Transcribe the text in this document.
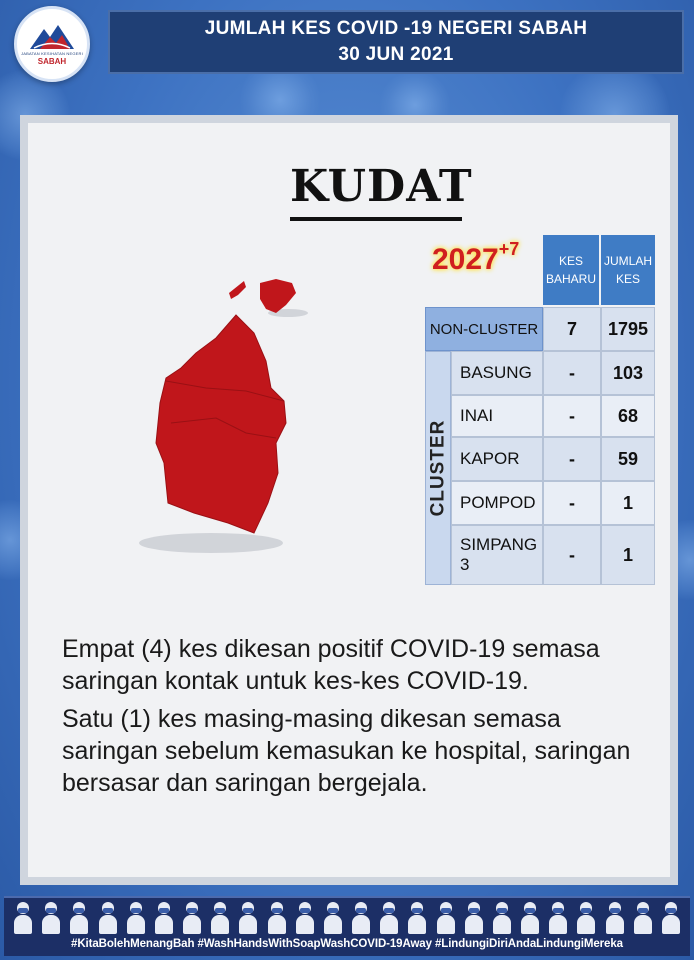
JABATAN KESIHATAN NEGERI
SABAH
JUMLAH KES COVID -19 NEGERI SABAH
30 JUN 2021
KUDAT
$2027^{+7}$
KES
BAHARU
JUMLAH
KES
NON-CLUSTER	7	1795
CLUSTER
BASUNG	-	103
INAI	-	68
KAPOR	-	59
POMPOD	-	1
SIMPANG 3	-	1

Empat (4) kes dikesan positif COVID-19 semasa saringan kontak untuk kes-kes COVID-19.

Satu (1) kes masing-masing dikesan semasa saringan sebelum kemasukan ke hospital, saringan bersasar dan saringan bergejala.

#KitaBolehMenangBah #WashHandsWithSoapWashCOVID-19Away #LindungiDiriAndaLindungiMereka
